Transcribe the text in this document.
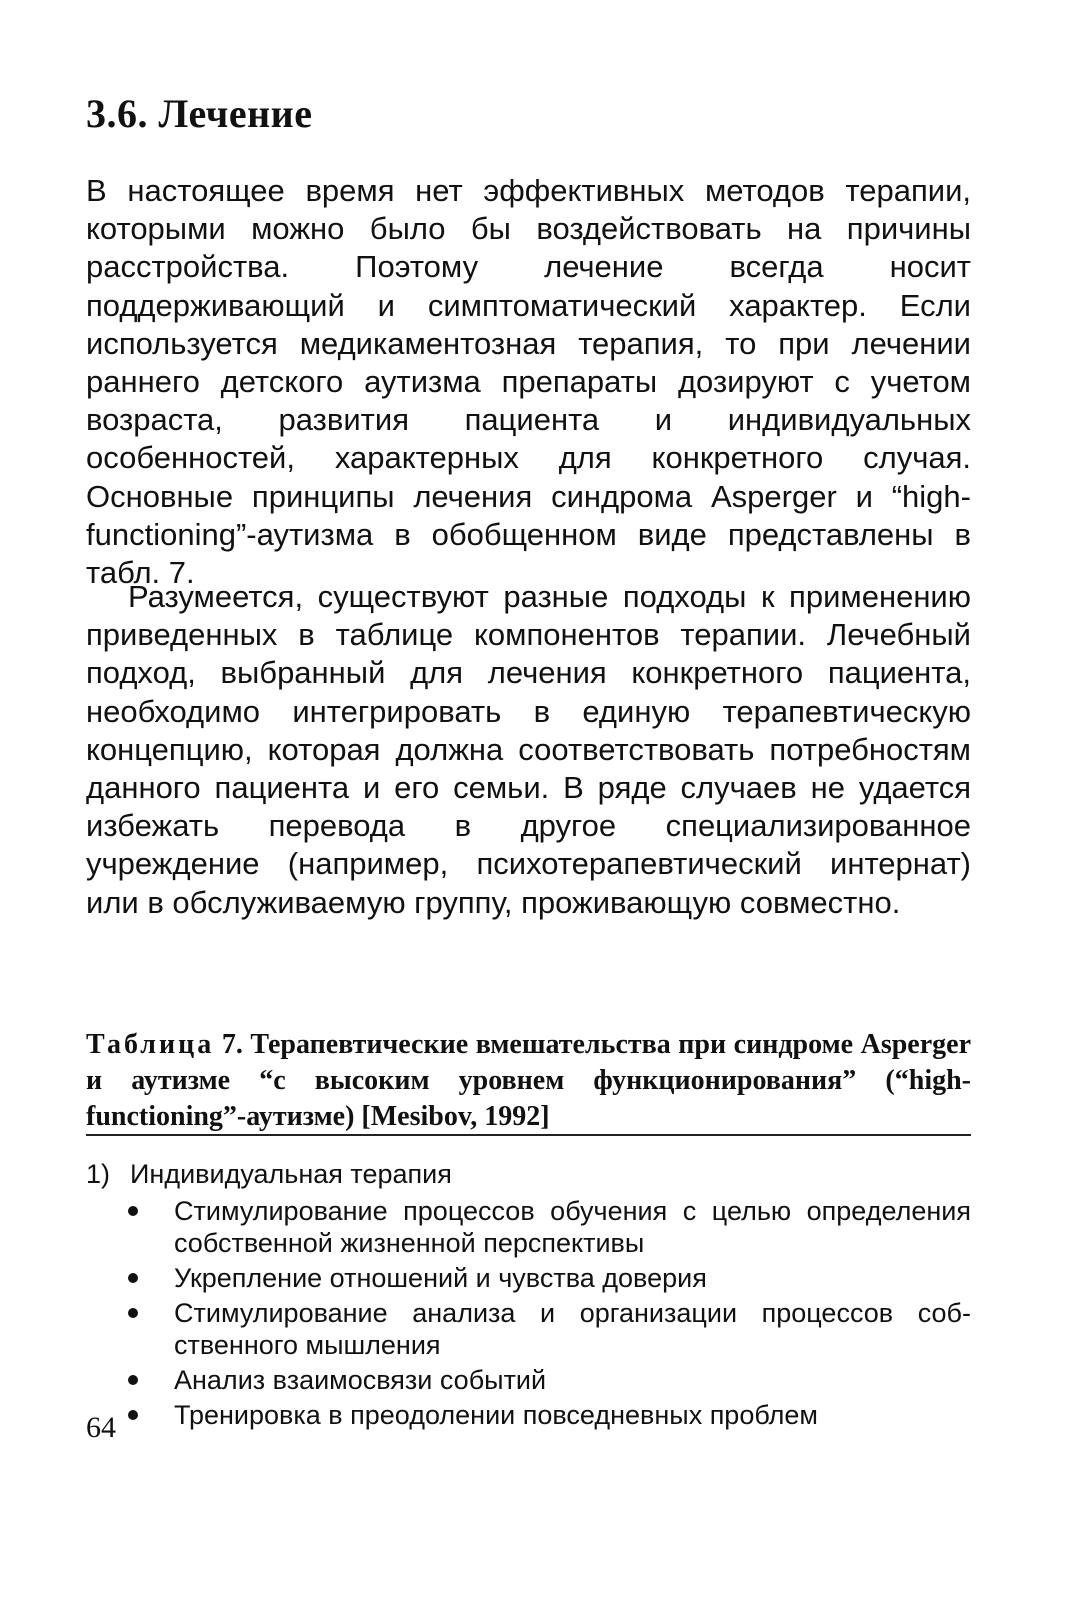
3.6. Лечение

В настоящее время нет эффективных методов терапии, которыми можно было бы воздействовать на причины расстройства. Поэтому лечение всегда носит поддерживающий и симптоматический характер. Если используется медикаментозная терапия, то при лечении раннего детского аутизма препараты дозируют с учетом возраста, развития пациента и индивидуальных особенностей, характерных для конкретного случая. Основные принципы лечения синдрома Asperger и “high-functioning”-аутизма в обобщенном виде представлены в табл. 7.

Разумеется, существуют разные подходы к применению приведенных в таблице компонентов терапии. Лечебный подход, выбранный для лечения конкретного пациента, необходимо интегрировать в единую терапевтическую концепцию, которая должна соответствовать потребностям данного пациента и его семьи. В ряде случаев не удается избежать перевода в другое специализированное учреждение (например, психотерапевтический интернат) или в обслуживаемую группу, проживающую совместно.

Таблица 7. Терапевтические вмешательства при синдроме Asperger и аутизме “с высоким уровнем функционирования” (“high-functioning”-аутизме) [Mesibov, 1992]

1) Индивидуальная терапия

Стимулирование процессов обучения с целью определения собственной жизненной перспективы
Укрепление отношений и чувства доверия
Стимулирование анализа и организации процессов собственного мышления
Анализ взаимосвязи событий
Тренировка в преодолении повседневных проблем
64
